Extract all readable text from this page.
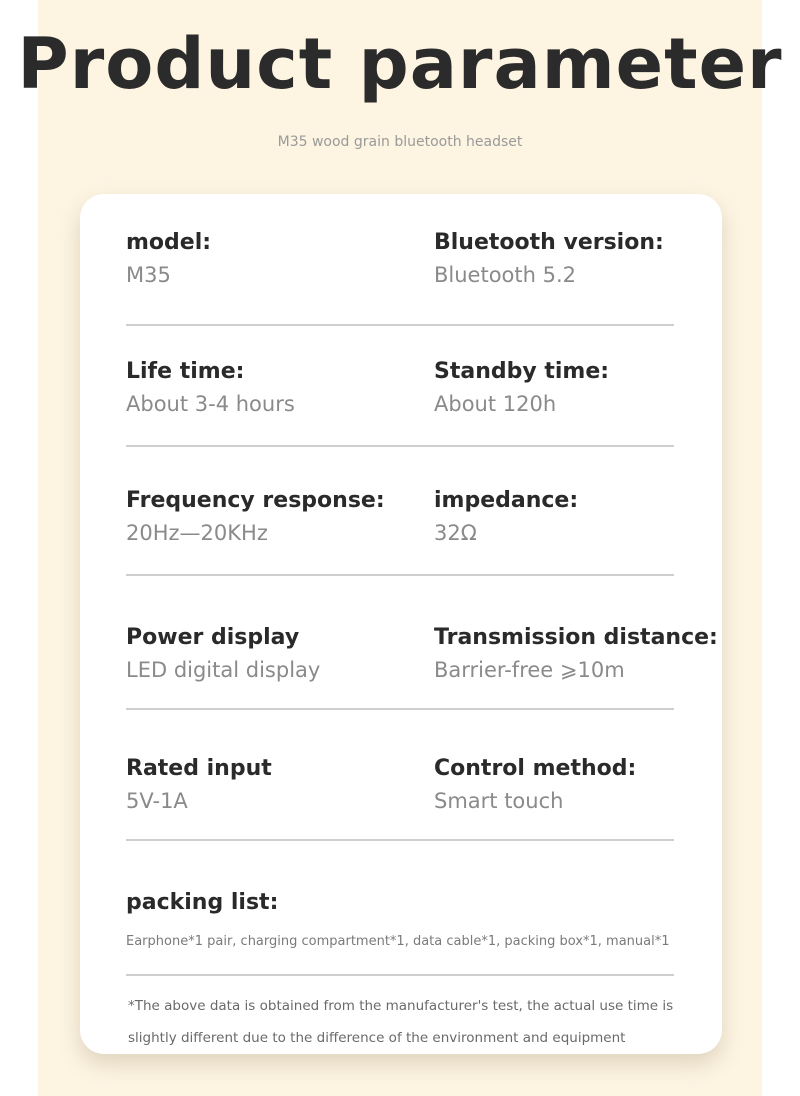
Product parameter
M35 wood grain bluetooth headset
model:
M35
Bluetooth version:
Bluetooth 5.2
Life time:
About 3-4 hours
Standby time:
About 120h
Frequency response:
20Hz—20KHz
impedance:
32Ω
Power display
LED digital display
Transmission distance:
Barrier-free ⩾10m
Rated input
5V-1A
Control method:
Smart touch
packing list:
Earphone*1 pair, charging compartment*1, data cable*1, packing box*1, manual*1
*The above data is obtained from the manufacturer's test, the actual use time is slightly different due to the difference of the environment and equipment
